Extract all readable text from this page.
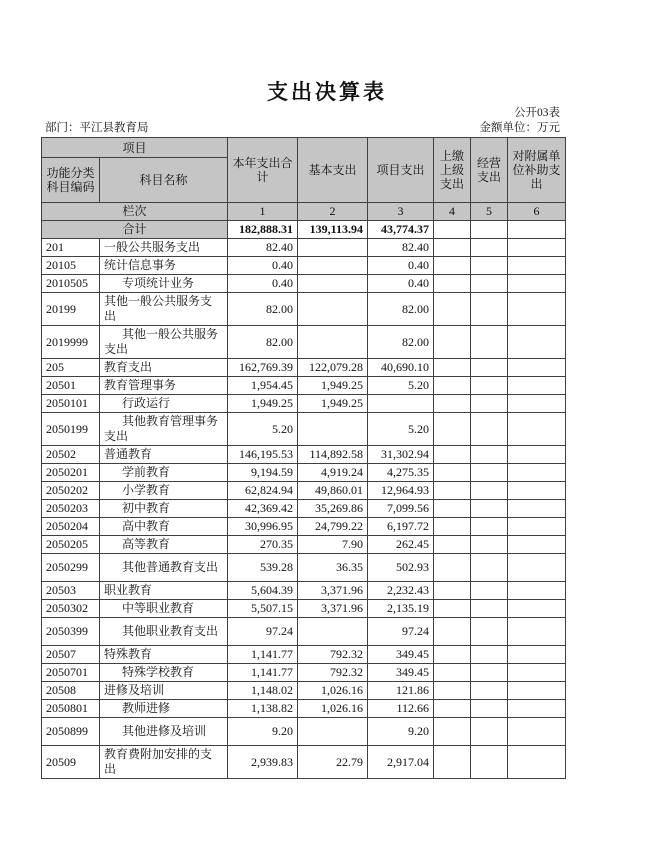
支出决算表
公开03表
部门：平江县教育局	金额单位：万元
项目		本年支出合计	基本支出	项目支出	上缴上级支出	经营支出	对附属单位补助支出
功能分类科目编码	科目名称						
栏次		1	2	3	4	5	6
合计		182,888.31	139,113.94	43,774.37			
201	一般公共服务支出	82.40		82.40			
20105	统计信息事务	0.40		0.40			
2010505	专项统计业务	0.40		0.40			
20199	其他一般公共服务支出	82.00		82.00			
2019999	其他一般公共服务支出	82.00		82.00			
205	教育支出	162,769.39	122,079.28	40,690.10			
20501	教育管理事务	1,954.45	1,949.25	5.20			
2050101	行政运行	1,949.25	1,949.25				
2050199	其他教育管理事务支出	5.20		5.20			
20502	普通教育	146,195.53	114,892.58	31,302.94			
2050201	学前教育	9,194.59	4,919.24	4,275.35			
2050202	小学教育	62,824.94	49,860.01	12,964.93			
2050203	初中教育	42,369.42	35,269.86	7,099.56			
2050204	高中教育	30,996.95	24,799.22	6,197.72			
2050205	高等教育	270.35	7.90	262.45			
2050299	其他普通教育支出	539.28	36.35	502.93			
20503	职业教育	5,604.39	3,371.96	2,232.43			
2050302	中等职业教育	5,507.15	3,371.96	2,135.19			
2050399	其他职业教育支出	97.24		97.24			
20507	特殊教育	1,141.77	792.32	349.45			
2050701	特殊学校教育	1,141.77	792.32	349.45			
20508	进修及培训	1,148.02	1,026.16	121.86			
2050801	教师进修	1,138.82	1,026.16	112.66			
2050899	其他进修及培训	9.20		9.20			
20509	教育费附加安排的支出	2,939.83	22.79	2,917.04			
